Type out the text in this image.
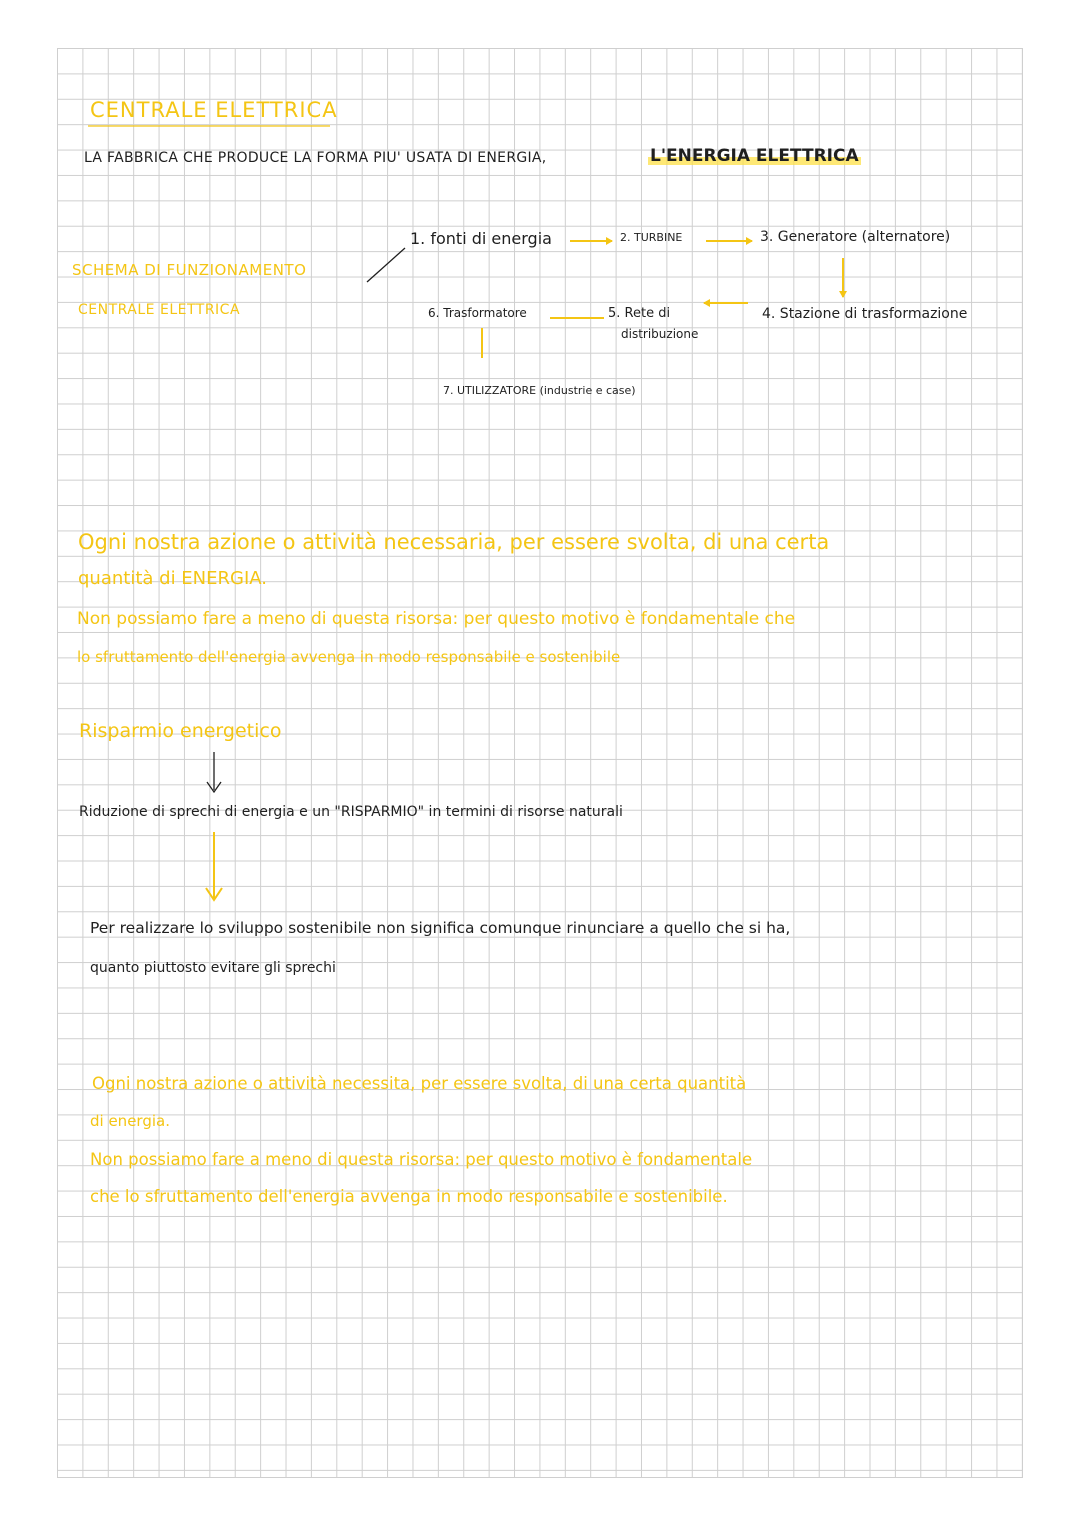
CENTRALE ELETTRICA
LA FABBRICA CHE PRODUCE LA FORMA PIU' USATA DI ENERGIA,	L'ENERGIA ELETTRICA
SCHEMA DI FUNZIONAMENTO
CENTRALE ELETTRICA
1. fonti di energia	2. TURBINE	3. Generatore (alternatore)
4. Stazione di trasformazione
5. Rete di
distribuzione
6. Trasformatore
7. UTILIZZATORE (industrie e case)
Ogni nostra azione o attività necessaria, per essere svolta, di una certa
quantità di ENERGIA.
Non possiamo fare a meno di questa risorsa: per questo motivo è fondamentale che
lo sfruttamento dell'energia avvenga in modo responsabile e sostenibile
Risparmio energetico
Riduzione di sprechi di energia e un "RISPARMIO" in termini di risorse naturali
Per realizzare lo sviluppo sostenibile non significa comunque rinunciare a quello che si ha,
quanto piuttosto evitare gli sprechi
Ogni nostra azione o attività necessita, per essere svolta, di una certa quantità
di energia.
Non possiamo fare a meno di questa risorsa: per questo motivo è fondamentale
che lo sfruttamento dell'energia avvenga in modo responsabile e sostenibile.
